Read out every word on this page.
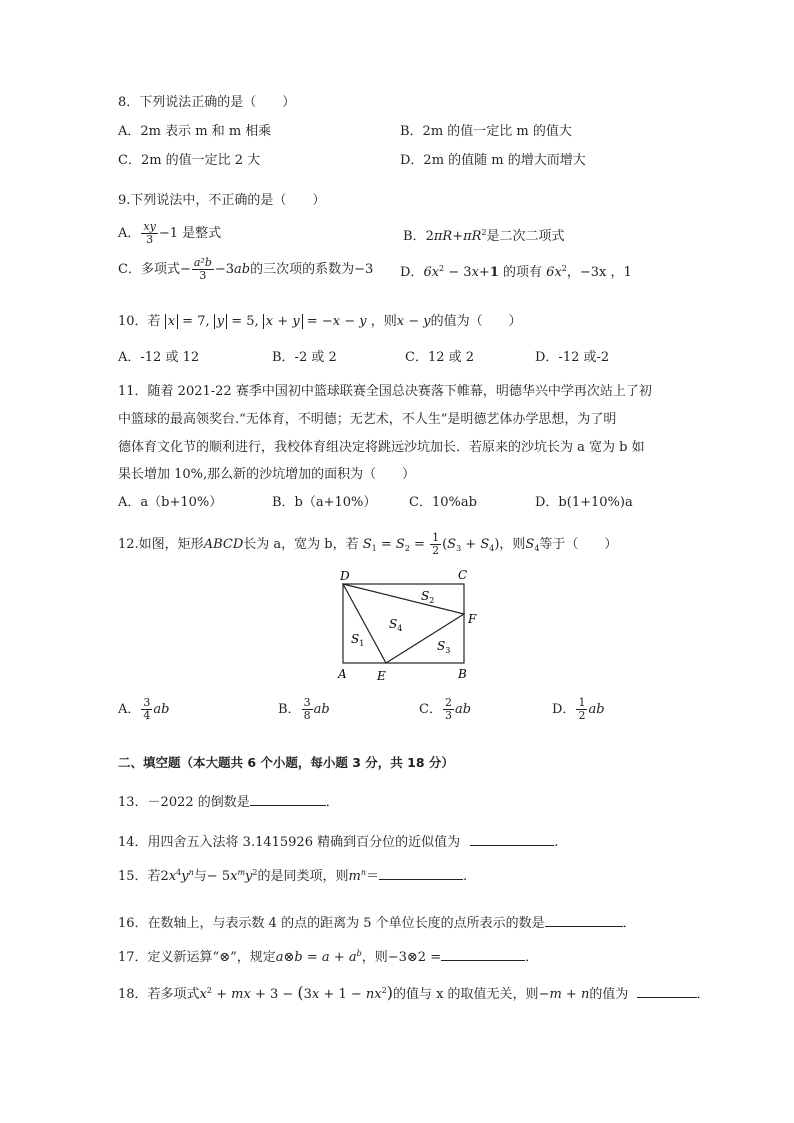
8．下列说法正确的是（　　）
A．2m 表示 m 和 m 相乘	B．2m 的值一定比 m 的值大
C．2m 的值一定比 2 大	D．2m 的值随 m 的增大而增大
9.下列说法中，不正确的是（　　）
A． $\frac{xy}{3} -1$ 是整式	B．$2\pi R+\pi R^2$是二次二项式
C．多项式− $\frac{\text{a²b}}{3} -3ab$的三次项的系数为−3 D．$6x^2 - 3x+1$ 的项有 $6x^2$，−3x ，1
10．若 x = 7, y = 5, x + y = −x − y ，则x − y的值为（　　）
A．-12 或 12	B．-2 或 2	C．12 或 2	D．-12 或-2
11．随着 2021-22 赛季中国初中篮球联赛全国总决赛落下帷幕，明德华兴中学再次站上了初
中篮球的最高领奖台.“无体育，不明德；无艺术，不人生”是明德艺体办学思想，为了明
德体育文化节的顺利进行，我校体育组决定将跳远沙坑加长．若原来的沙坑长为 a 宽为 b 如
果长增加 10%,那么新的沙坑增加的面积为（　　）
A．a（b+10%）	B．b（a+10%）	C．10%ab	D．b(1+10%)a
12.如图，矩形ABCD长为 a，宽为 b，若 $S_1 = S_2 = \frac{1}{2} (S_3 + S_4)$，则$S_4$等于（　　）
D	C
A	B
E
F
$S_2$
$S_4$
$S_1$	$S_3$
A． $\frac{3}{4}$ ab	B． $\frac{3}{8}$ ab	C． $\frac{2}{3}$ ab	D． $\frac{1}{2}$ ab
二、填空题（本大题共 6 个小题，每小题 3 分，共 18 分）
13．－2022 的倒数是	．
14．用四舍五入法将 3.1415926 精确到百分位的近似值为	.
15．若$2x^4y^n$与− $5x^my^2$的是同类项，则$m^n=$	.
16．在数轴上，与表示数 4 的点的距离为 5 个单位长度的点所表示的数是	．
17．定义新运算“⊗”，规定a⊗b = $a + a^b$，则−3⊗2 =	．
18．若多项式$x^2$ + mx + $3 - (3x + 1 - nx^2)$的值与 x 的取值无关，则−m + n的值为	．
